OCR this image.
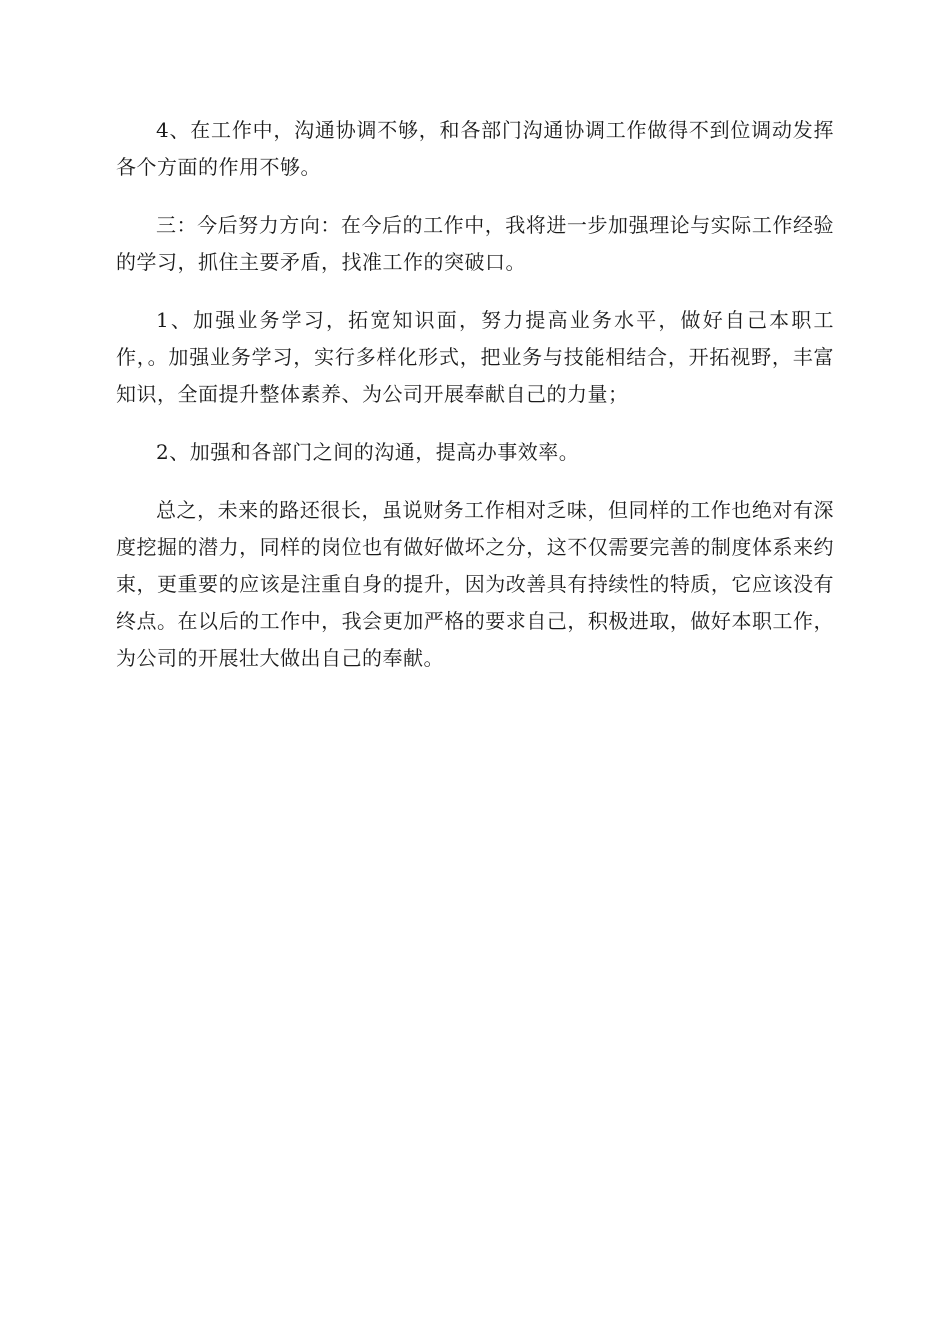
4、在工作中，沟通协调不够，和各部门沟通协调工作做得不到位调动发挥各个方面的作用不够。

三：今后努力方向：在今后的工作中，我将进一步加强理论与实际工作经验的学习，抓住主要矛盾，找准工作的突破口。

1、加强业务学习，拓宽知识面，努力提高业务水平，做好自己本职工作，。加强业务学习，实行多样化形式，把业务与技能相结合，开拓视野，丰富知识，全面提升整体素养、为公司开展奉献自己的力量；

2、加强和各部门之间的沟通，提高办事效率。

总之，未来的路还很长，虽说财务工作相对乏味，但同样的工作也绝对有深度挖掘的潜力，同样的岗位也有做好做坏之分，这不仅需要完善的制度体系来约束，更重要的应该是注重自身的提升，因为改善具有持续性的特质，它应该没有终点。在以后的工作中，我会更加严格的要求自己，积极进取，做好本职工作，为公司的开展壮大做出自己的奉献。
